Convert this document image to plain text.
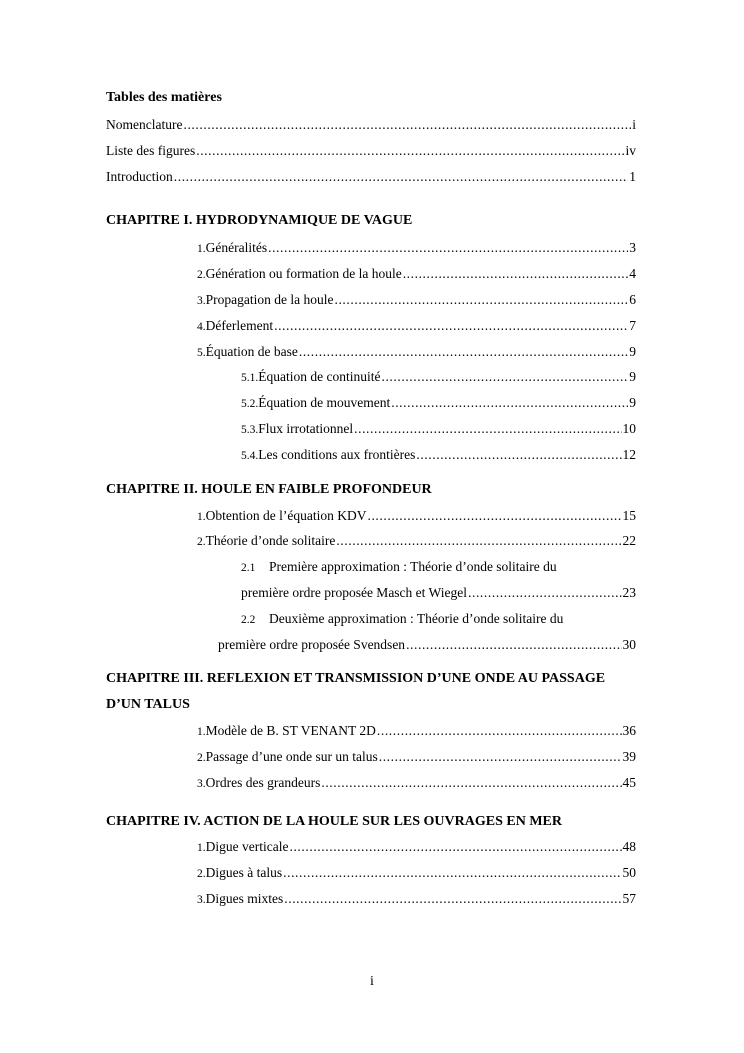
Tables des matières
Nomenclature .....	i
Liste des figures .....	iv
Introduction .....	1
CHAPITRE I. HYDRODYNAMIQUE DE VAGUE
1. Généralités .....	3
2. Génération ou formation de la houle .....	4
3. Propagation de la houle .....	6
4. Déferlement .....	7
5. Équation de base .....	9
5.1. Équation de continuité .....	9
5.2. Équation de mouvement .....	9
5.3. Flux irrotationnel .....	10
5.4. Les conditions aux frontières .....	12
CHAPITRE II. HOULE EN FAIBLE PROFONDEUR
1. Obtention de l’équation KDV .....	15
2. Théorie d’onde solitaire .....	22
2.1 Première approximation : Théorie d’onde solitaire du
première ordre proposée Masch et Wiegel .....	23
2.2 Deuxième approximation : Théorie d’onde solitaire du
première ordre proposée Svendsen .....	30
CHAPITRE III. REFLEXION ET TRANSMISSION D’UNE ONDE AU PASSAGE
D’UN TALUS
1. Modèle de B. ST VENANT 2D .....	36
2. Passage d’une onde sur un talus .....	39
3. Ordres des grandeurs .....	45
CHAPITRE IV. ACTION DE LA HOULE SUR LES OUVRAGES EN MER
1. Digue verticale .....	48
2. Digues à talus .....	50
3. Digues mixtes .....	57
i
